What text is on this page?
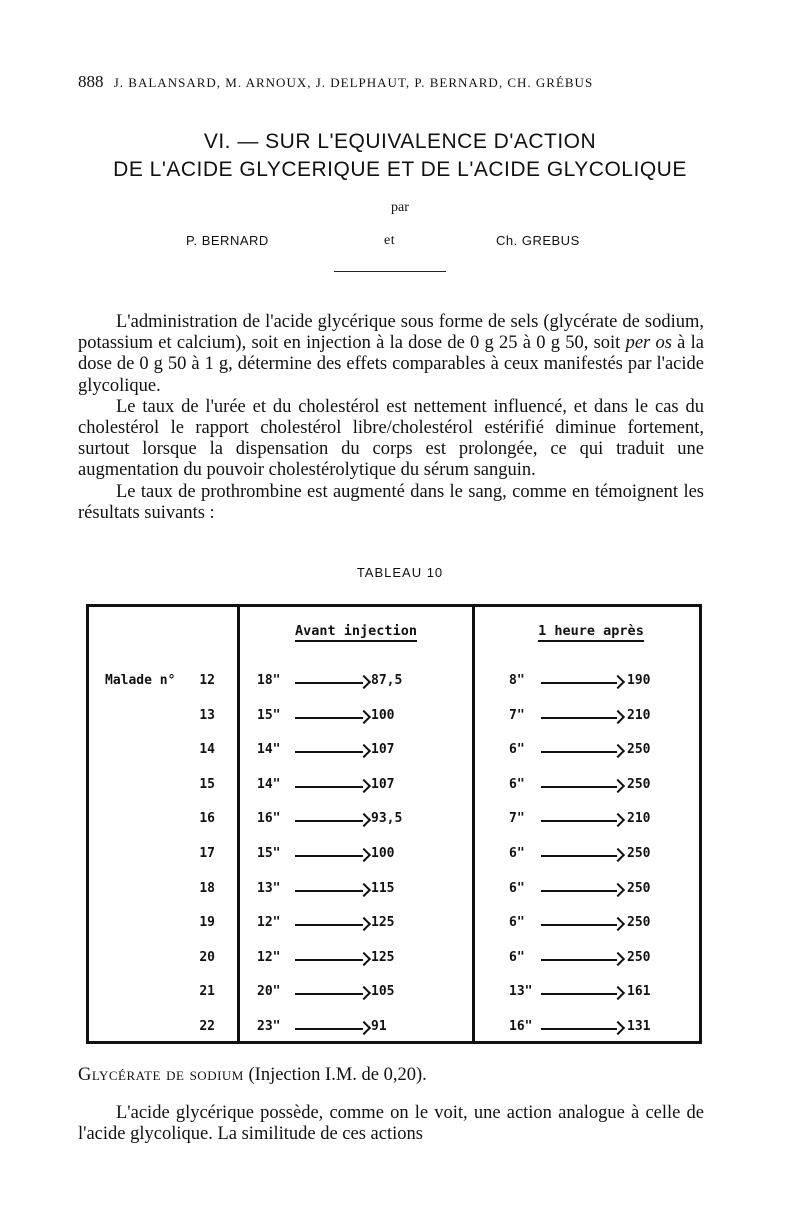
888 J. BALANSARD, M. ARNOUX, J. DELPHAUT, P. BERNARD, CH. GRÉBUS
VI. — SUR L'EQUIVALENCE D'ACTION
DE L'ACIDE GLYCERIQUE ET DE L'ACIDE GLYCOLIQUE
par
P. BERNARD	et	Ch. GREBUS

L'administration de l'acide glycérique sous forme de sels (glycérate de sodium, potassium et calcium), soit en injection à la dose de 0 g 25 à 0 g 50, soit per os à la dose de 0 g 50 à 1 g, détermine des effets comparables à ceux manifestés par l'acide glycolique.

Le taux de l'urée et du cholestérol est nettement influencé, et dans le cas du cholestérol le rapport cholestérol libre/cholestérol estérifié diminue fortement, surtout lorsque la dispensation du corps est prolongée, ce qui traduit une augmentation du pouvoir cholestérolytique du sérum sanguin.

Le taux de prothrombine est augmenté dans le sang, comme en témoignent les résultats suivants :

TABLEAU 10
Avant injection	1 heure après
Malade n°	12	18"	87,5	8"	190
13	15"	100	7"	210
14	14"	107	6"	250
15	14"	107	6"	250
16	16"	93,5	7"	210
17	15"	100	6"	250
18	13"	115	6"	250
19	12"	125	6"	250
20	12"	125	6"	250
21	20"	105	13"	161
22	23"	91	16"	131
Glycérate de sodium (Injection I.M. de 0,20).

L'acide glycérique possède, comme on le voit, une action analogue à celle de l'acide glycolique. La similitude de ces actions
